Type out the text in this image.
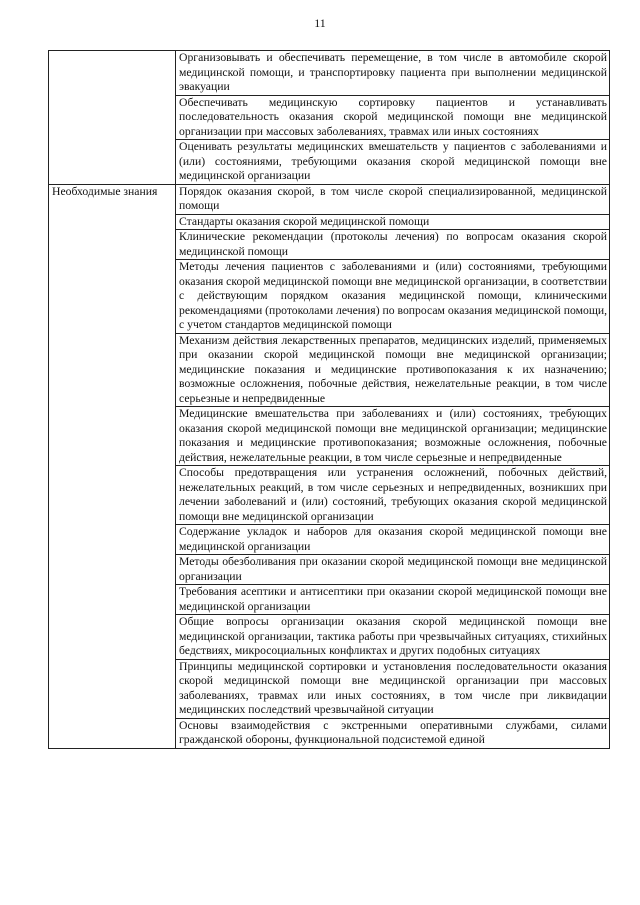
11
	Организовывать и обеспечивать перемещение, в том числе в автомобиле скорой медицинской помощи, и транспортировку пациента при выполнении медицинской эвакуации
	Обеспечивать медицинскую сортировку пациентов и устанавливать последовательность оказания скорой медицинской помощи вне медицинской организации при массовых заболеваниях, травмах или иных состояниях
	Оценивать результаты медицинских вмешательств у пациентов с заболеваниями и (или) состояниями, требующими оказания скорой медицинской помощи вне медицинской организации
Необходимые знания	Порядок оказания скорой, в том числе скорой специализированной, медицинской помощи
	Стандарты оказания скорой медицинской помощи
	Клинические рекомендации (протоколы лечения) по вопросам оказания скорой медицинской помощи
	Методы лечения пациентов с заболеваниями и (или) состояниями, требующими оказания скорой медицинской помощи вне медицинской организации, в соответствии с действующим порядком оказания медицинской помощи, клиническими рекомендациями (протоколами лечения) по вопросам оказания медицинской помощи, с учетом стандартов медицинской помощи
	Механизм действия лекарственных препаратов, медицинских изделий, применяемых при оказании скорой медицинской помощи вне медицинской организации; медицинские показания и медицинские противопоказания к их назначению; возможные осложнения, побочные действия, нежелательные реакции, в том числе серьезные и непредвиденные
	Медицинские вмешательства при заболеваниях и (или) состояниях, требующих оказания скорой медицинской помощи вне медицинской организации; медицинские показания и медицинские противопоказания; возможные осложнения, побочные действия, нежелательные реакции, в том числе серьезные и непредвиденные
	Способы предотвращения или устранения осложнений, побочных действий, нежелательных реакций, в том числе серьезных и непредвиденных, возникших при лечении заболеваний и (или) состояний, требующих оказания скорой медицинской помощи вне медицинской организации
	Содержание укладок и наборов для оказания скорой медицинской помощи вне медицинской организации
	Методы обезболивания при оказании скорой медицинской помощи вне медицинской организации
	Требования асептики и антисептики при оказании скорой медицинской помощи вне медицинской организации
	Общие вопросы организации оказания скорой медицинской помощи вне медицинской организации, тактика работы при чрезвычайных ситуациях, стихийных бедствиях, микросоциальных конфликтах и других подобных ситуациях
	Принципы медицинской сортировки и установления последовательности оказания скорой медицинской помощи вне медицинской организации при массовых заболеваниях, травмах или иных состояниях, в том числе при ликвидации медицинских последствий чрезвычайной ситуации
	Основы взаимодействия с экстренными оперативными службами, силами гражданской обороны, функциональной подсистемой единой
